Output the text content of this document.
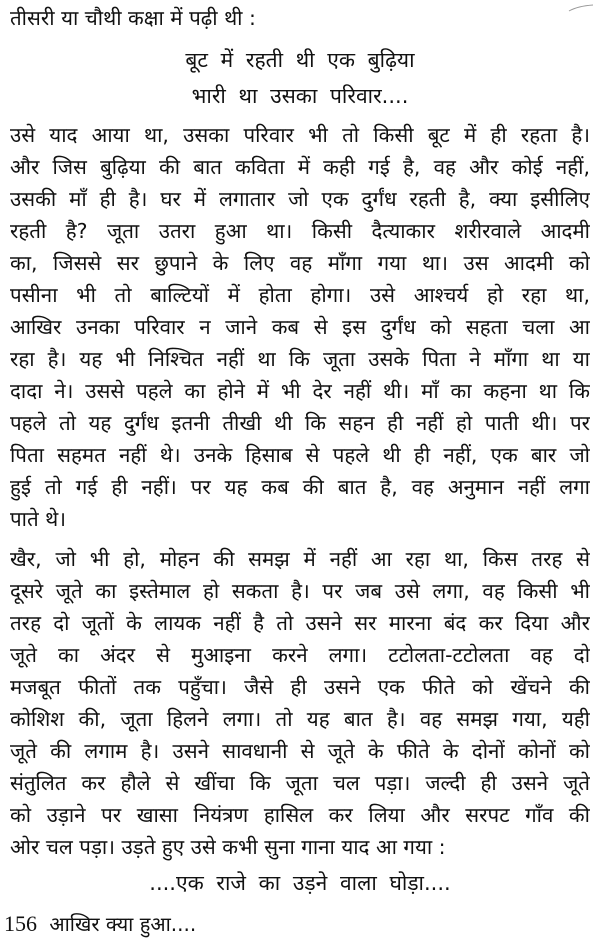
तीसरी या चौथी कक्षा में पढ़ी थी :
बूट में रहती थी एक बुढ़िया
भारी था उसका परिवार....
उसे याद आया था, उसका परिवार भी तो किसी बूट में ही रहता है।
और जिस बुढ़िया की बात कविता में कही गई है, वह और कोई नहीं,
उसकी माँ ही है। घर में लगातार जो एक दुर्गंध रहती है, क्या इसीलिए
रहती है? जूता उतरा हुआ था। किसी दैत्याकार शरीरवाले आदमी
का, जिससे सर छुपाने के लिए वह माँगा गया था। उस आदमी को
पसीना भी तो बाल्टियों में होता होगा। उसे आश्चर्य हो रहा था,
आखिर उनका परिवार न जाने कब से इस दुर्गंध को सहता चला आ
रहा है। यह भी निश्चित नहीं था कि जूता उसके पिता ने माँगा था या
दादा ने। उससे पहले का होने में भी देर नहीं थी। माँ का कहना था कि
पहले तो यह दुर्गंध इतनी तीखी थी कि सहन ही नहीं हो पाती थी। पर
पिता सहमत नहीं थे। उनके हिसाब से पहले थी ही नहीं, एक बार जो
हुई तो गई ही नहीं। पर यह कब की बात है, वह अनुमान नहीं लगा
पाते थे।
खैर, जो भी हो, मोहन की समझ में नहीं आ रहा था, किस तरह से
दूसरे जूते का इस्तेमाल हो सकता है। पर जब उसे लगा, वह किसी भी
तरह दो जूतों के लायक नहीं है तो उसने सर मारना बंद कर दिया और
जूते का अंदर से मुआइना करने लगा। टटोलता-टटोलता वह दो
मजबूत फीतों तक पहुँचा। जैसे ही उसने एक फीते को खेंचने की
कोशिश की, जूता हिलने लगा। तो यह बात है। वह समझ गया, यही
जूते की लगाम है। उसने सावधानी से जूते के फीते के दोनों कोनों को
संतुलित कर हौले से खींचा कि जूता चल पड़ा। जल्दी ही उसने जूते
को उड़ाने पर खासा नियंत्रण हासिल कर लिया और सरपट गाँव की
ओर चल पड़ा। उड़ते हुए उसे कभी सुना गाना याद आ गया :
....एक राजे का उड़ने वाला घोड़ा....
156 आखिर क्या हुआ....
